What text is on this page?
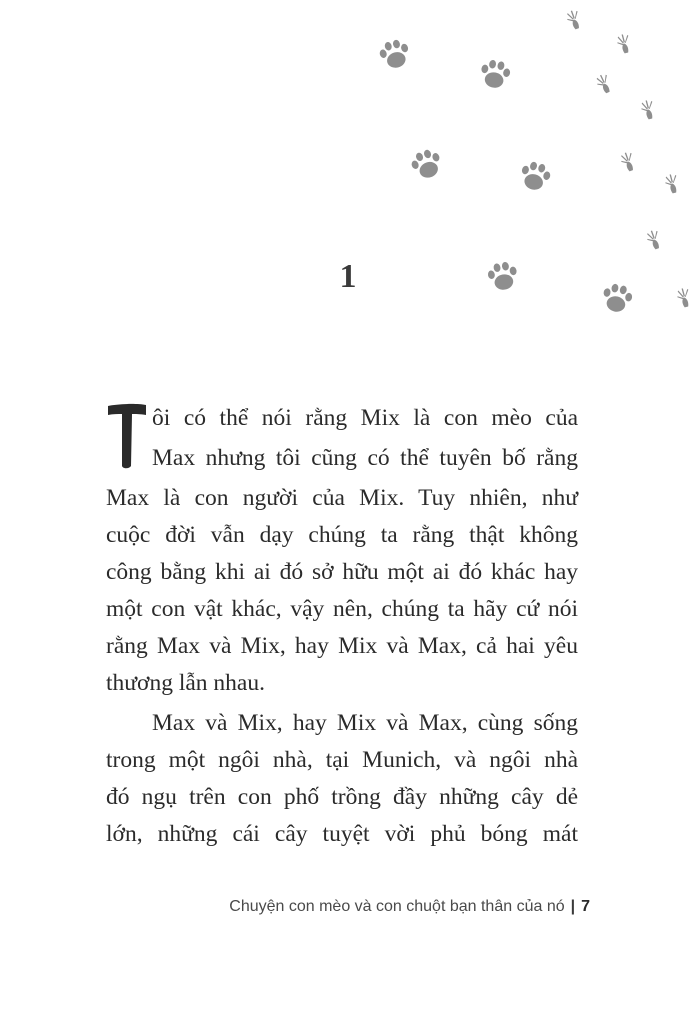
1
T
ôi có thể nói rằng Mix là con mèo của
Max nhưng tôi cũng có thể tuyên bố rằng
Max là con người của Mix. Tuy nhiên, như
cuộc đời vẫn dạy chúng ta rằng thật không
công bằng khi ai đó sở hữu một ai đó khác hay
một con vật khác, vậy nên, chúng ta hãy cứ nói
rằng Max và Mix, hay Mix và Max, cả hai yêu
thương lẫn nhau.
Max và Mix, hay Mix và Max, cùng sống
trong một ngôi nhà, tại Munich, và ngôi nhà
đó ngụ trên con phố trồng đầy những cây dẻ
lớn, những cái cây tuyệt vời phủ bóng mát
Chuyện con mèo và con chuột bạn thân của nó | 7
